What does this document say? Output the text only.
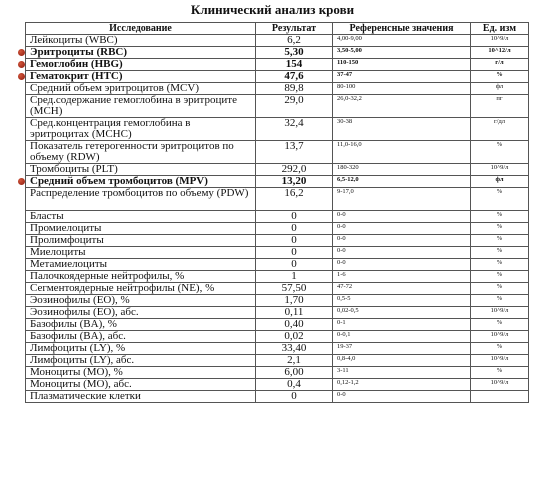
Клинический анализ крови
Исследование	Результат	Референсные значения	Ед. изм
Лейкоциты (WBC)	6,2	4,00-9,00	10^9/л
Эритроциты (RBC)	5,30	3,50-5,00	10^12/л
Гемоглобин (HBG)	154	110-150	г/л
Гематокрит (HTC)	47,6	37-47	%
Средний объем эритроцитов (MCV)	89,8	80-100	фл
Сред.содержание гемоглобина в эритроците (MCH)	29,0	26,0-32,2	пг
Сред.концентрация гемоглобина в эритроцитах (MCHC)	32,4	30-38	г/дл
Показатель гетерогенности эритроцитов по объему (RDW)	13,7	11,0-16,0	%
Тромбоциты (PLT)	292,0	180-320	10^9/л
Средний объем тромбоцитов (MPV)	13,20	6,5-12,0	фл
Распределение тромбоцитов по объему (PDW)	16,2	9-17,0	%
Бласты	0	0-0	%
Промиелоциты	0	0-0	%
Пролимфоциты	0	0-0	%
Миелоциты	0	0-0	%
Метамиелоциты	0	0-0	%
Палочкоядерные нейтрофилы, %	1	1-6	%
Сегментоядерные нейтрофилы (NE), %	57,50	47-72	%
Эозинофилы (EO), %	1,70	0,5-5	%
Эозинофилы (EO), абс.	0,11	0,02-0,5	10^9/л
Базофилы (BA), %	0,40	0-1	%
Базофилы (BA), абс.	0,02	0-0,1	10^9/л
Лимфоциты (LY), %	33,40	19-37	%
Лимфоциты (LY), абс.	2,1	0,8-4,0	10^9/л
Моноциты (MO), %	6,00	3-11	%
Моноциты (MO), абс.	0,4	0,12-1,2	10^9/л
Плазматические клетки	0	0-0	
